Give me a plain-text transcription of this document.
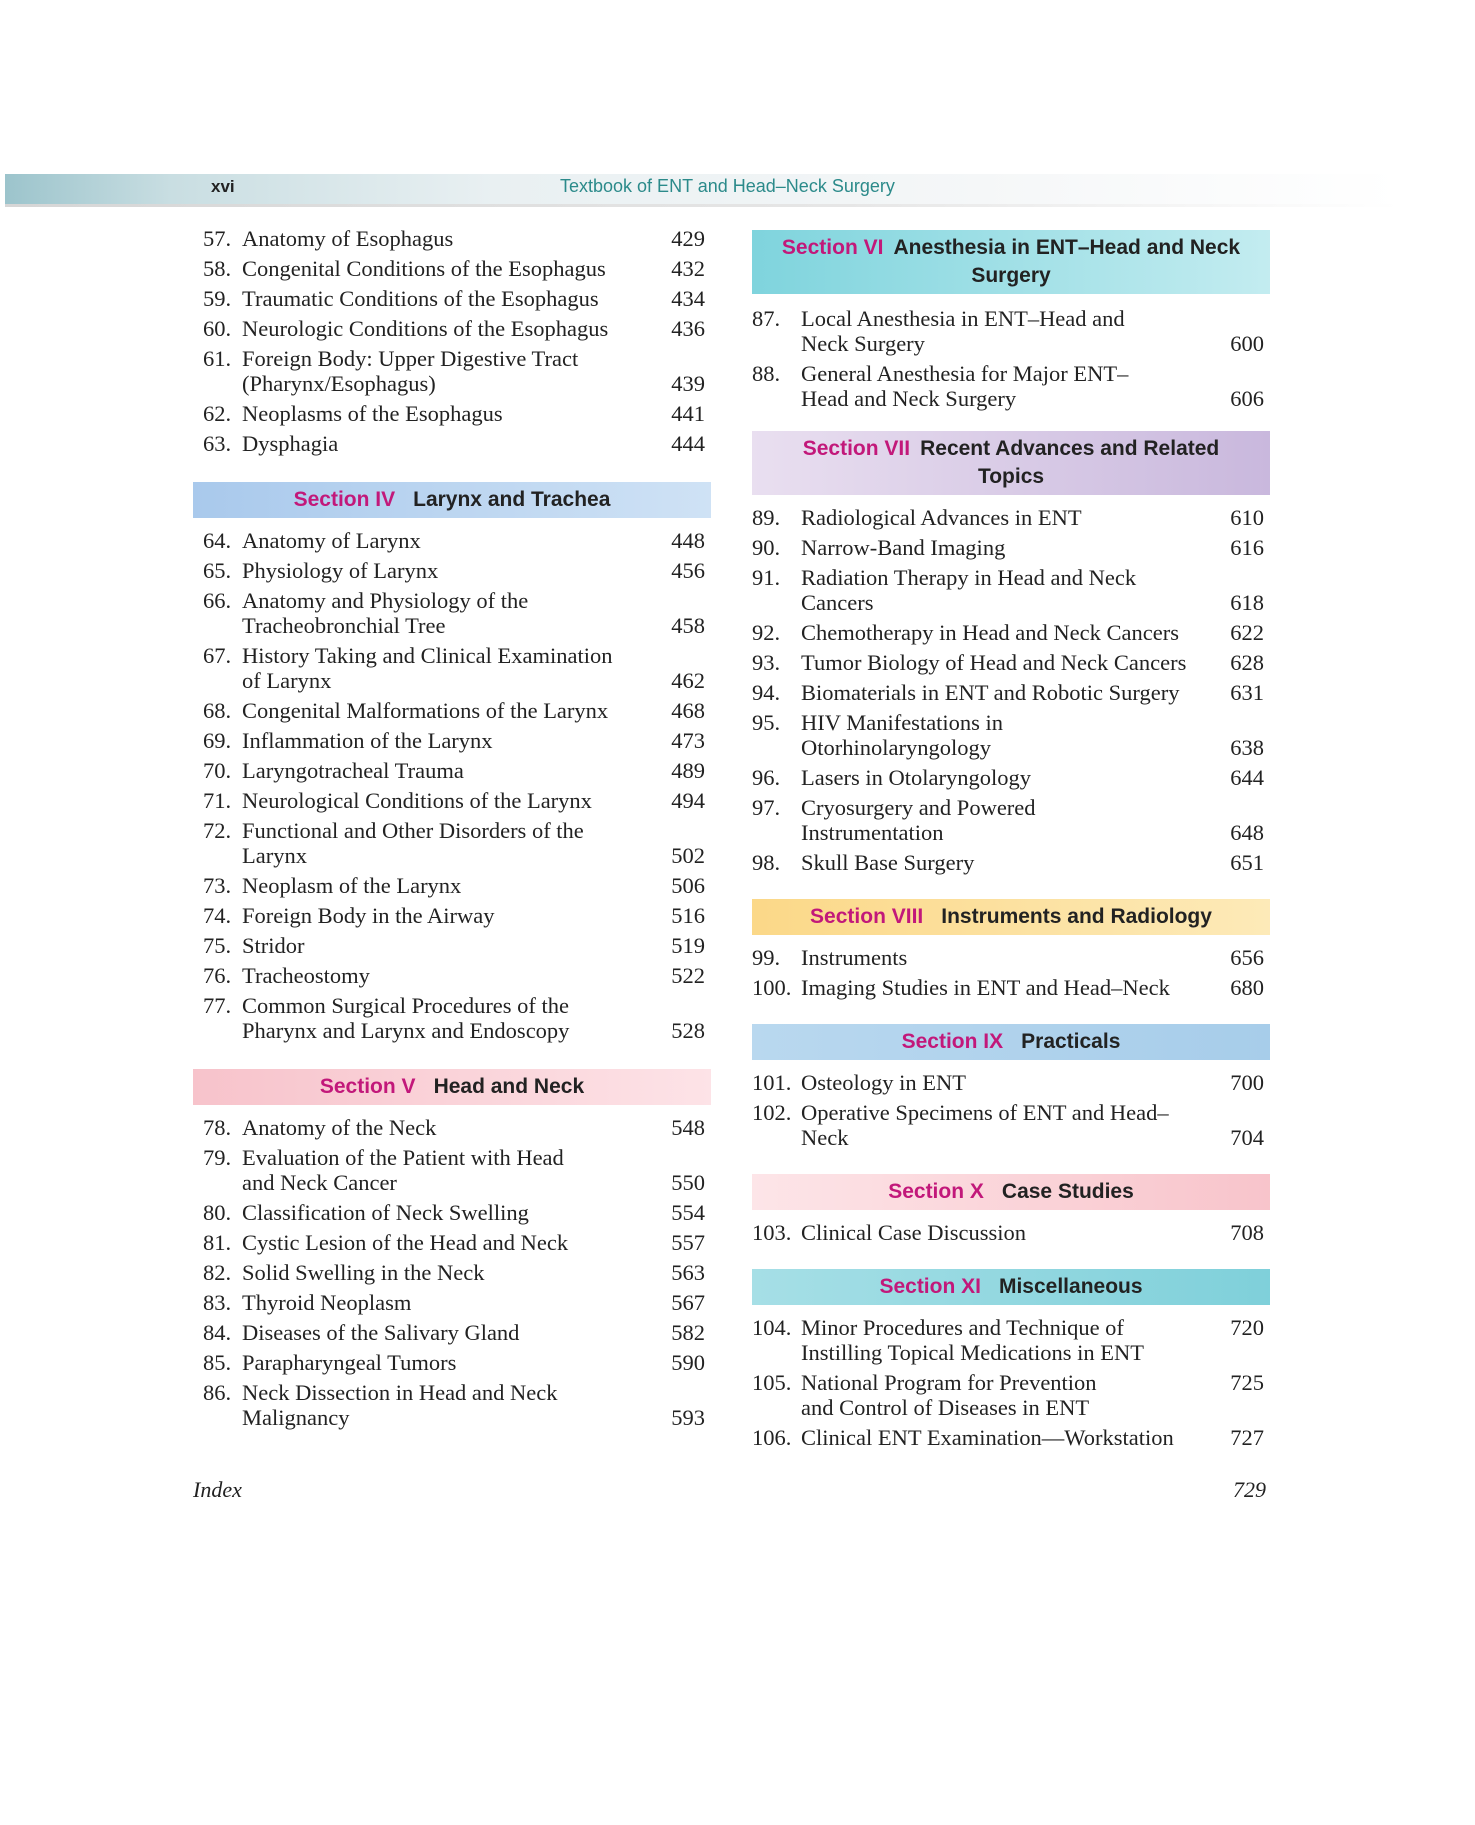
xvi	Textbook of ENT and Head–Neck Surgery
57. Anatomy of Esophagus	429
58. Congenital Conditions of the Esophagus	432
59. Traumatic Conditions of the Esophagus	434
60. Neurologic Conditions of the Esophagus	436
61. Foreign Body: Upper Digestive Tract
(Pharynx/Esophagus)	439
62. Neoplasms of the Esophagus	441
63. Dysphagia	444
Section IV Larynx and Trachea
64. Anatomy of Larynx	448
65. Physiology of Larynx	456
66. Anatomy and Physiology of the
Tracheobronchial Tree	458
67. History Taking and Clinical Examination
of Larynx	462
68. Congenital Malformations of the Larynx	468
69. Inflammation of the Larynx	473
70. Laryngotracheal Trauma	489
71. Neurological Conditions of the Larynx	494
72. Functional and Other Disorders of the
Larynx	502
73. Neoplasm of the Larynx	506
74. Foreign Body in the Airway	516
75. Stridor	519
76. Tracheostomy	522
77. Common Surgical Procedures of the
Pharynx and Larynx and Endoscopy	528
Section V Head and Neck
78. Anatomy of the Neck	548
79. Evaluation of the Patient with Head
and Neck Cancer	550
80. Classification of Neck Swelling	554
81. Cystic Lesion of the Head and Neck	557
82. Solid Swelling in the Neck	563
83. Thyroid Neoplasm	567
84. Diseases of the Salivary Gland	582
85. Parapharyngeal Tumors	590
86. Neck Dissection in Head and Neck
Malignancy	593
Section VI Anesthesia in ENT–Head and Neck
Surgery
87. Local Anesthesia in ENT–Head and
Neck Surgery	600
88. General Anesthesia for Major ENT–
Head and Neck Surgery	606
Section VII Recent Advances and Related
Topics
89. Radiological Advances in ENT	610
90. Narrow-Band Imaging	616
91. Radiation Therapy in Head and Neck
Cancers	618
92. Chemotherapy in Head and Neck Cancers	622
93. Tumor Biology of Head and Neck Cancers	628
94. Biomaterials in ENT and Robotic Surgery	631
95. HIV Manifestations in
Otorhinolaryngology	638
96. Lasers in Otolaryngology	644
97. Cryosurgery and Powered
Instrumentation	648
98. Skull Base Surgery	651
Section VIII Instruments and Radiology
99. Instruments	656
100. Imaging Studies in ENT and Head–Neck	680
Section IX Practicals
101. Osteology in ENT	700
102. Operative Specimens of ENT and Head–
Neck	704
Section X Case Studies
103. Clinical Case Discussion	708
Section XI Miscellaneous
104. Minor Procedures and Technique of
Instilling Topical Medications in ENT
720
105. National Program for Prevention
and Control of Diseases in ENT
725
106. Clinical ENT Examination—Workstation	727
Index	729
